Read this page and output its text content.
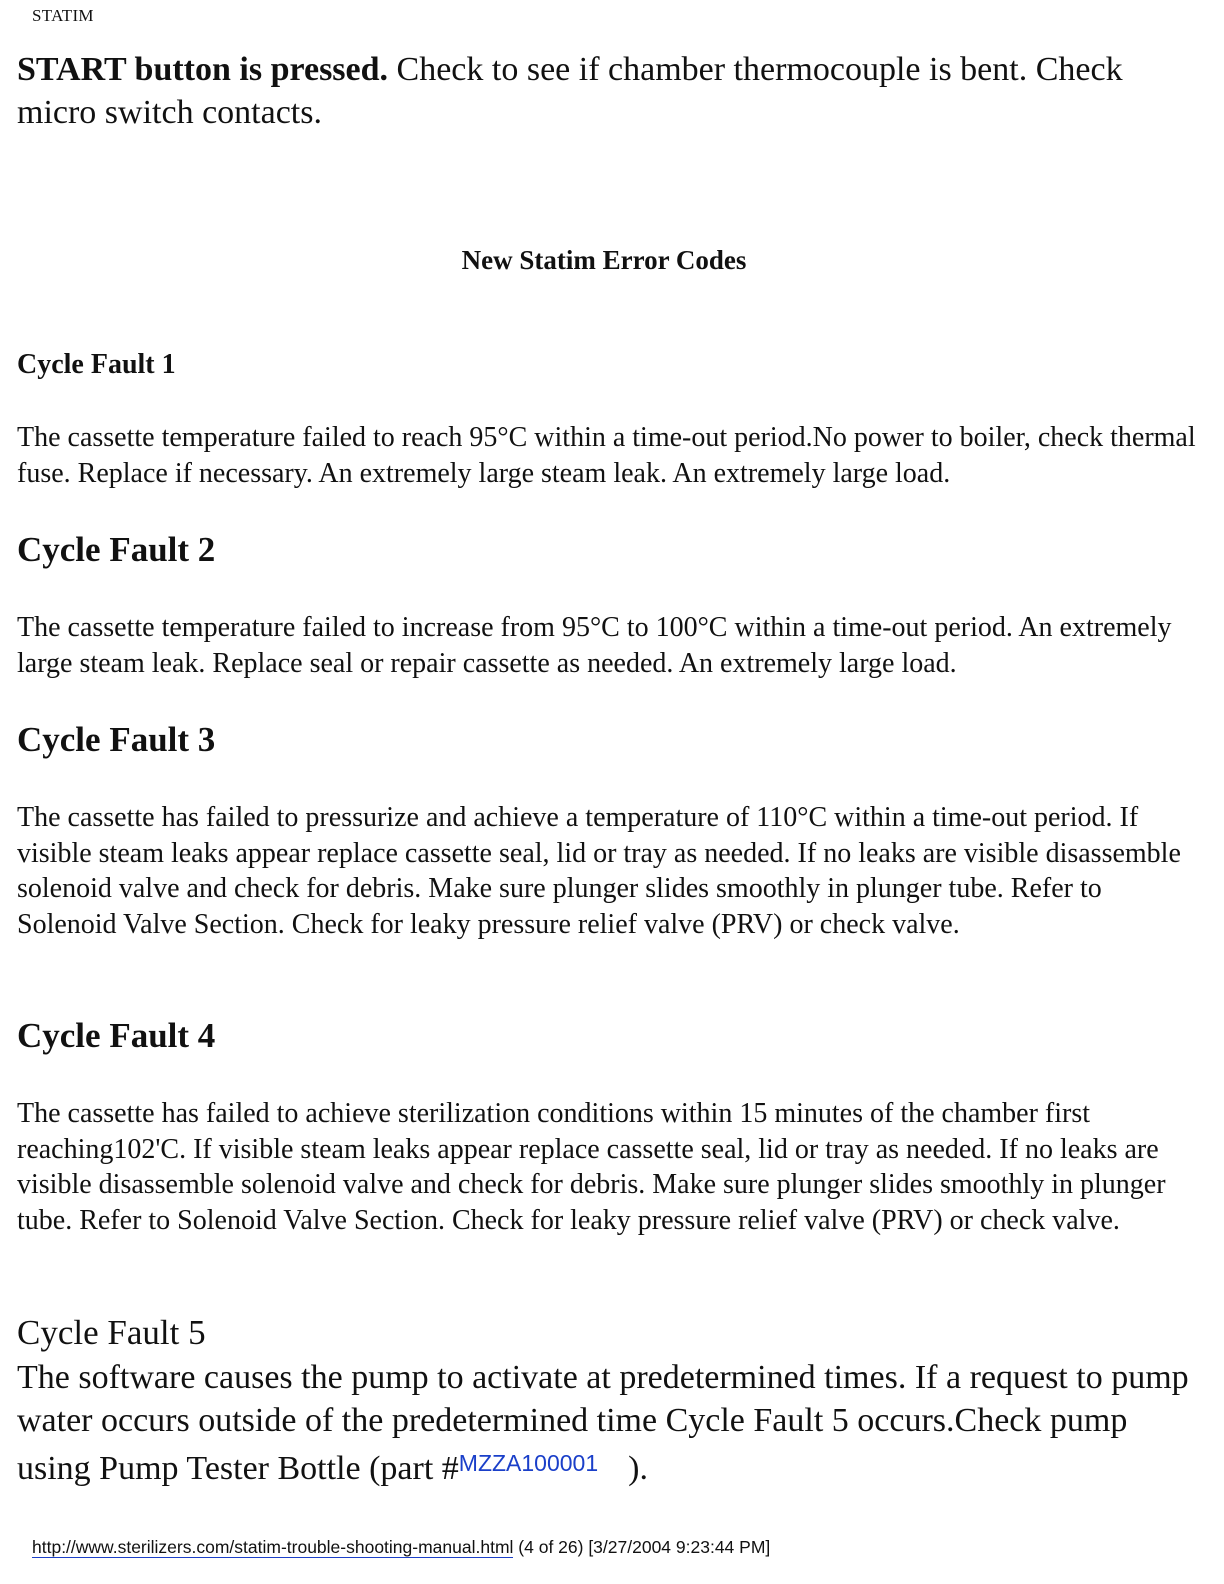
STATIM
START button is pressed. Check to see if chamber thermocouple is bent. Check micro switch contacts.
New Statim Error Codes
Cycle Fault 1

The cassette temperature failed to reach 95°C within a time-out period.No power to boiler, check thermal fuse. Replace if necessary. An extremely large steam leak. An extremely large load.

Cycle Fault 2

The cassette temperature failed to increase from 95°C to 100°C within a time-out period. An extremely large steam leak. Replace seal or repair cassette as needed. An extremely large load.

Cycle Fault 3

The cassette has failed to pressurize and achieve a temperature of 110°C within a time-out period. If visible steam leaks appear replace cassette seal, lid or tray as needed. If no leaks are visible disassemble solenoid valve and check for debris. Make sure plunger slides smoothly in plunger tube. Refer to Solenoid Valve Section. Check for leaky pressure relief valve (PRV) or check valve.

Cycle Fault 4

The cassette has failed to achieve sterilization conditions within 15 minutes of the chamber first reaching102'C. If visible steam leaks appear replace cassette seal, lid or tray as needed. If no leaks are visible disassemble solenoid valve and check for debris. Make sure plunger slides smoothly in plunger tube. Refer to Solenoid Valve Section. Check for leaky pressure relief valve (PRV) or check valve.

Cycle Fault 5

The software causes the pump to activate at predetermined times. If a request to pump water occurs outside of the predetermined time Cycle Fault 5 occurs.Check pump using Pump Tester Bottle (part #$^{MZZA100001}$ ).

http://www.sterilizers.com/statim-trouble-shooting-manual.html (4 of 26) [3/27/2004 9:23:44 PM]
